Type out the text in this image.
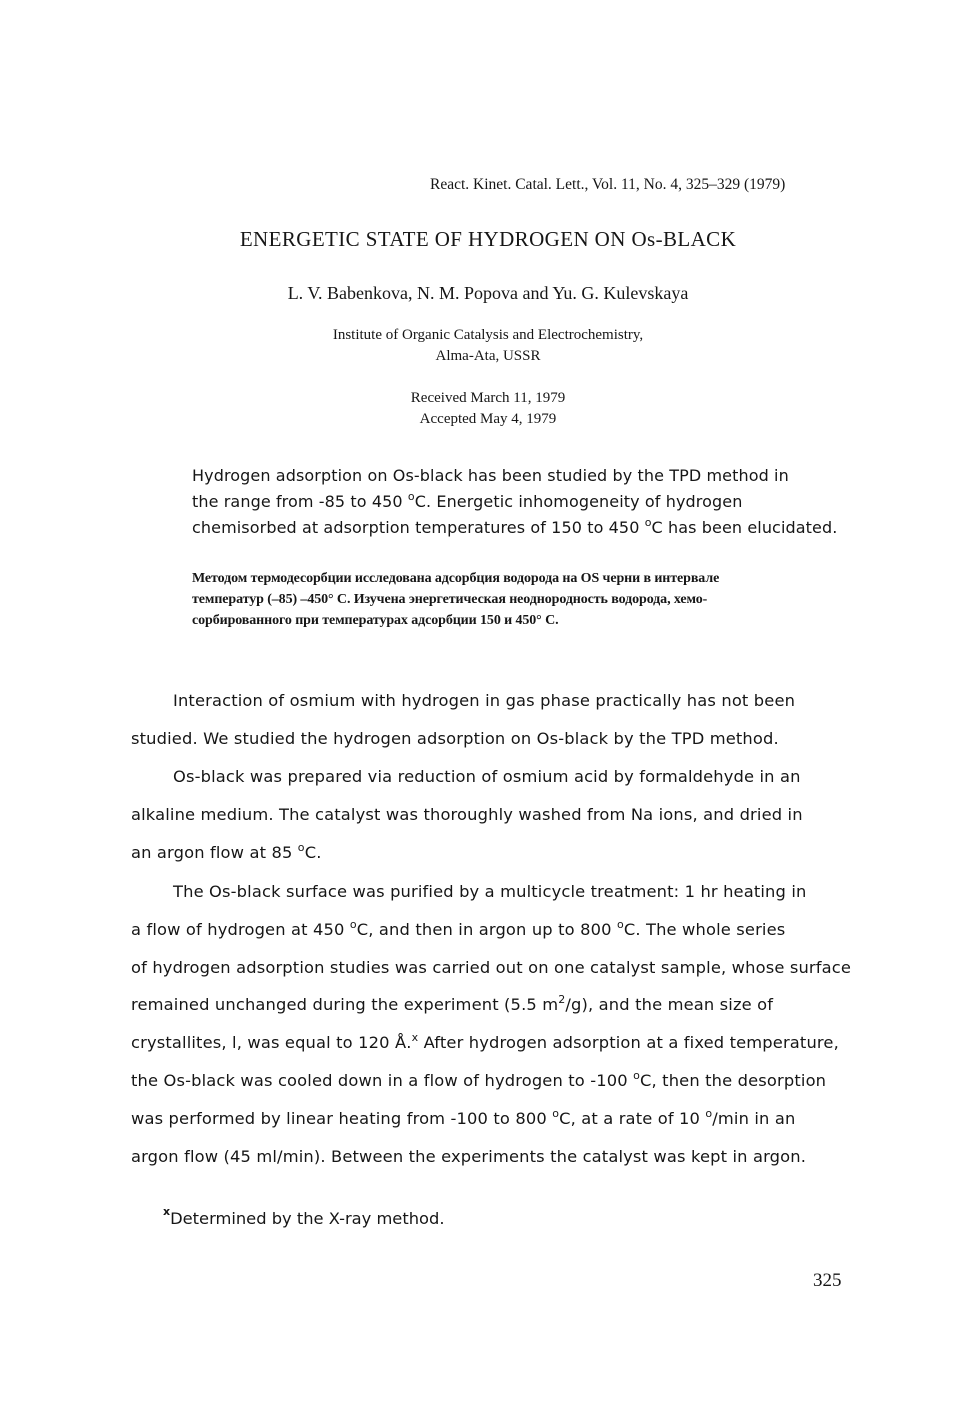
React. Kinet. Catal. Lett., Vol. 11, No. 4, 325–329 (1979)
ENERGETIC STATE OF HYDROGEN ON Os-BLACK
L. V. Babenkova, N. M. Popova and Yu. G. Kulevskaya
Institute of Organic Catalysis and Electrochemistry,
Alma-Ata, USSR
Received March 11, 1979
Accepted May 4, 1979
Hydrogen adsorption on Os-black has been studied by the TPD method in
the range from -85 to 450 $^o$C. Energetic inhomogeneity of hydrogen
chemisorbed at adsorption temperatures of 150 to 450 $^o$C has been elucidated.
Методом термодесорбции исследована адсорбция водорода на OS черни в интервале
температур (–85) –450° C. Изучена энергетическая неоднородность водорода, хемо-
сорбированного при температурах адсорбции 150 и 450° C.
Interaction of osmium with hydrogen in gas phase practically has not been
studied. We studied the hydrogen adsorption on Os-black by the TPD method.
Os-black was prepared via reduction of osmium acid by formaldehyde in an
alkaline medium. The catalyst was thoroughly washed from Na ions, and dried in
an argon flow at 85 $^o$C.
The Os-black surface was purified by a multicycle treatment: 1 hr heating in
a flow of hydrogen at 450 $^o$C, and then in argon up to 800 $^o$C. The whole series
of hydrogen adsorption studies was carried out on one catalyst sample, whose surface
remained unchanged during the experiment (5.5 $m^2/g$), and the mean size of
crystallites, l, was equal to 120 Å.$^x$ After hydrogen adsorption at a fixed temperature,
the Os-black was cooled down in a flow of hydrogen to -100 $^o$C, then the desorption
was performed by linear heating from -100 to 800 $^o$C, at a rate of 10 $^o$/min in an
argon flow (45 ml/min). Between the experiments the catalyst was kept in argon.
$^x$Determined by the X-ray method.
325
